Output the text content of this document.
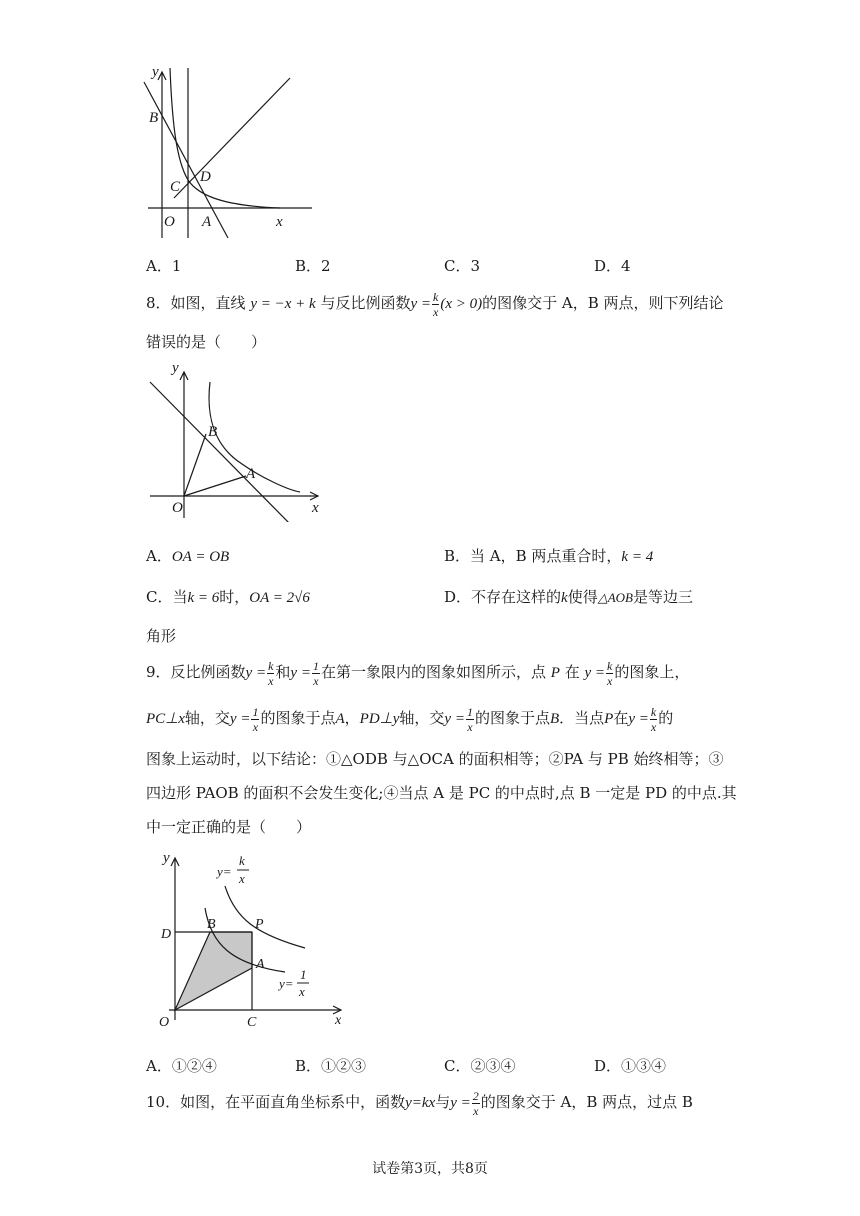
y
B
C
D
O A	x
A．1	B．2	C．3	D．4
8．如图，直线 y = −x + k 与反比例函数$y = \frac{k}{x} (x > 0)$的图像交于 A，B 两点，则下列结论
错误的是（　　）
y
B
A
O	x
A．OA = OB	B．当 A，B 两点重合时，k = 4
C．当k = 6时，OA = 2√6	D．不存在这样的k使得△AOB是等边三
角形
9．反比例函数$y = \frac{k}{x}$ 和$y = \frac{1}{x}$ 在第一象限内的图象如图所示，点 P 在 $y = \frac{k}{x}$ 的图象上，
PC⊥x轴，交$y = \frac{1}{x}$ 的图象于点A，PD⊥y轴，交$y = \frac{1}{x}$ 的图象于点B．当点P在$y = \frac{k}{x}$ 的
图象上运动时，以下结论：①△ODB 与△OCA 的面积相等；②PA 与 PB 始终相等；③
四边形 PAOB 的面积不会发生变化;④当点 A 是 PC 的中点时,点 B 一定是 PD 的中点.其
中一定正确的是（　　）
y
y=
k
x
B	P
D
A
y=
1
x
O	C	x
A．①②④	B．①②③	C．②③④	D．①③④
10．如图，在平面直角坐标系中，函数y=kx与$y = \frac{2}{x}$ 的图象交于 A，B 两点，过点 B
试卷第3页，共8页
